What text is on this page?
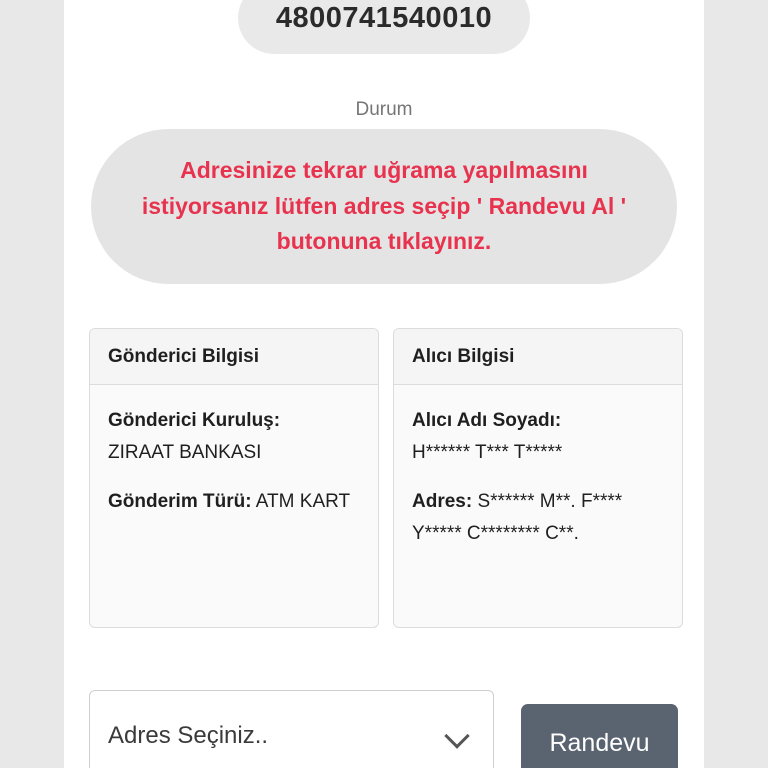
4800741540010
Durum
Adresinize tekrar uğrama yapılmasını istiyorsanız lütfen adres seçip ' Randevu Al ' butonuna tıklayınız.
Gönderici Bilgisi
Gönderici Kuruluş:
ZIRAAT BANKASI
Gönderim Türü: ATM KART
Alıcı Bilgisi
Alıcı Adı Soyadı:
H****** T*** T*****
Adres: S****** M**. F**** Y***** C******** C**.
Adres Seçiniz..	Randevu
